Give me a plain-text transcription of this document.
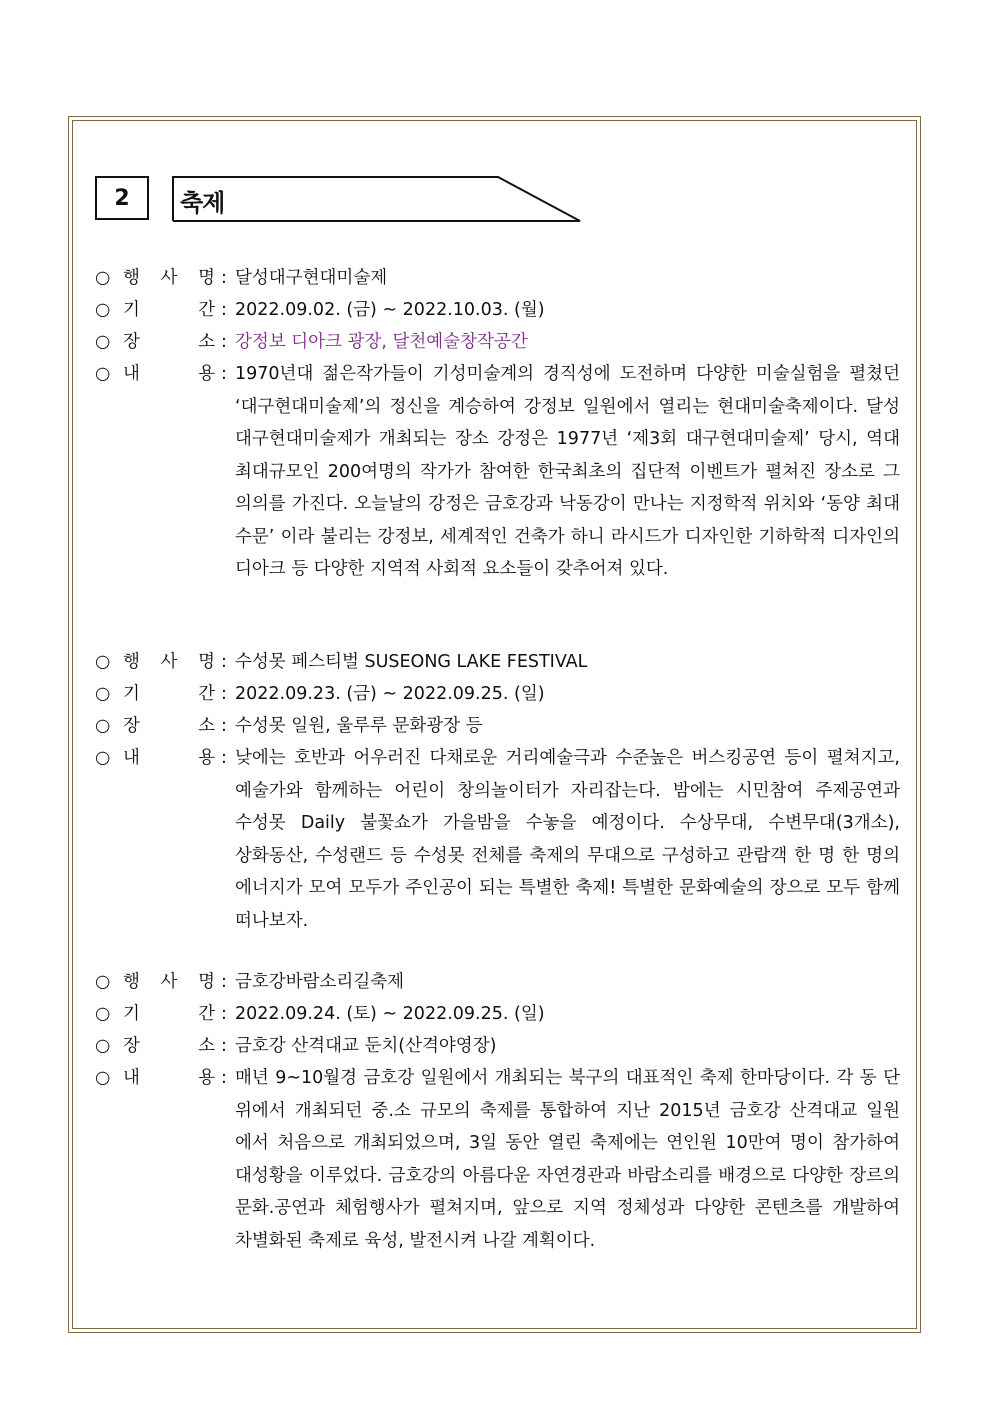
2	축제
○ 행 사 명 : 달성대구현대미술제
○ 기	간 : 2022.09.02. (금) ~ 2022.10.03. (월)
○ 장	소 : 강정보 디아크 광장, 달천예술창작공간
○ 내	용 : 1970년대 젊은작가들이 기성미술계의 경직성에 도전하며 다양한 미술실험을 펼쳤던 ‘대구현대미술제’의 정신을 계승하여 강정보 일원에서 열리는 현대미술축제이다. 달성 대구현대미술제가 개최되는 장소 강정은 1977년 ‘제3회 대구현대미술제’ 당시, 역대 최대규모인 200여명의 작가가 참여한 한국최초의 집단적 이벤트가 펼쳐진 장소로 그 의의를 가진다. 오늘날의 강정은 금호강과 낙동강이 만나는 지정학적 위치와 ‘동양 최대 수문’ 이라 불리는 강정보, 세계적인 건축가 하니 라시드가 디자인한 기하학적 디자인의 디아크 등 다양한 지역적 사회적 요소들이 갖추어져 있다.
○ 행 사 명 : 수성못 페스티벌 SUSEONG LAKE FESTIVAL
○ 기	간 : 2022.09.23. (금) ~ 2022.09.25. (일)
○ 장	소 : 수성못 일원, 울루루 문화광장 등
○ 내	용 : 낮에는 호반과 어우러진 다채로운 거리예술극과 수준높은 버스킹공연 등이 펼쳐지고, 예술가와 함께하는 어린이 창의놀이터가 자리잡는다. 밤에는 시민참여 주제공연과 수성못 Daily 불꽃쇼가 가을밤을 수놓을 예정이다. 수상무대, 수변무대(3개소), 상화동산, 수성랜드 등 수성못 전체를 축제의 무대으로 구성하고 관람객 한 명 한 명의 에너지가 모여 모두가 주인공이 되는 특별한 축제! 특별한 문화예술의 장으로 모두 함께 떠나보자.
○ 행 사 명 : 금호강바람소리길축제
○ 기	간 : 2022.09.24. (토) ~ 2022.09.25. (일)
○ 장	소 : 금호강 산격대교 둔치(산격야영장)
○ 내	용 : 매년 9~10월경 금호강 일원에서 개최되는 북구의 대표적인 축제 한마당이다. 각 동 단 위에서 개최되던 중.소 규모의 축제를 통합하여 지난 2015년 금호강 산격대교 일원 에서 처음으로 개최되었으며, 3일 동안 열린 축제에는 연인원 10만여 명이 참가하여 대성황을 이루었다. 금호강의 아름다운 자연경관과 바람소리를 배경으로 다양한 장르의 문화.공연과 체험행사가 펼쳐지며, 앞으로 지역 정체성과 다양한 콘텐츠를 개발하여 차별화된 축제로 육성, 발전시켜 나갈 계획이다.
